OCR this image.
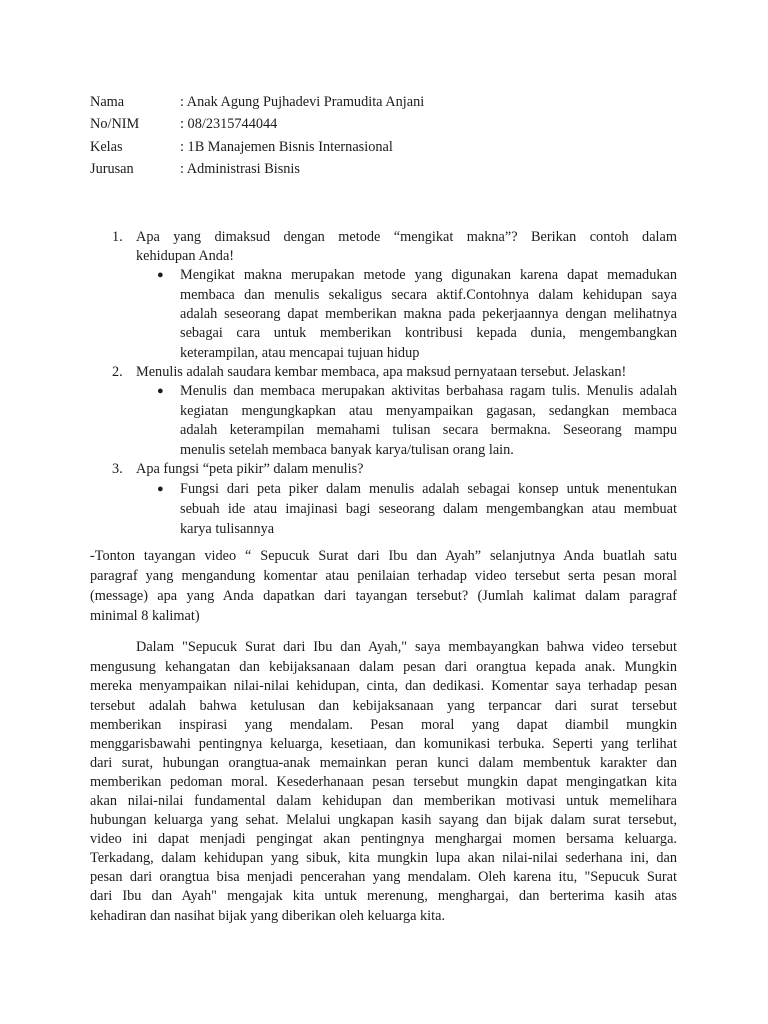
Nama	: Anak Agung Pujhadevi Pramudita Anjani
No/NIM	: 08/2315744044
Kelas	: 1B Manajemen Bisnis Internasional
Jurusan	: Administrasi Bisnis
1. Apa yang dimaksud dengan metode “mengikat makna”? Berikan contoh dalam
kehidupan Anda!
● Mengikat makna merupakan metode yang digunakan karena dapat memadukan
membaca dan menulis sekaligus secara aktif.Contohnya dalam kehidupan saya
adalah seseorang dapat memberikan makna pada pekerjaannya dengan melihatnya
sebagai cara untuk memberikan kontribusi kepada dunia, mengembangkan
keterampilan, atau mencapai tujuan hidup
2. Menulis adalah saudara kembar membaca, apa maksud pernyataan tersebut. Jelaskan!
● Menulis dan membaca merupakan aktivitas berbahasa ragam tulis. Menulis adalah
kegiatan mengungkapkan atau menyampaikan gagasan, sedangkan membaca
adalah keterampilan memahami tulisan secara bermakna. Seseorang mampu
menulis setelah membaca banyak karya/tulisan orang lain.
3. Apa fungsi “peta pikir” dalam menulis?
● Fungsi dari peta piker dalam menulis adalah sebagai konsep untuk menentukan
sebuah ide atau imajinasi bagi seseorang dalam mengembangkan atau membuat
karya tulisannya
-Tonton tayangan video “ Sepucuk Surat dari Ibu dan Ayah” selanjutnya Anda buatlah satu
paragraf yang mengandung komentar atau penilaian terhadap video tersebut serta pesan moral
(message) apa yang Anda dapatkan dari tayangan tersebut? (Jumlah kalimat dalam paragraf
minimal 8 kalimat)
Dalam "Sepucuk Surat dari Ibu dan Ayah," saya membayangkan bahwa video tersebut
mengusung kehangatan dan kebijaksanaan dalam pesan dari orangtua kepada anak. Mungkin
mereka menyampaikan nilai-nilai kehidupan, cinta, dan dedikasi. Komentar saya terhadap pesan
tersebut adalah bahwa ketulusan dan kebijaksanaan yang terpancar dari surat tersebut
memberikan inspirasi yang mendalam. Pesan moral yang dapat diambil mungkin
menggarisbawahi pentingnya keluarga, kesetiaan, dan komunikasi terbuka. Seperti yang terlihat
dari surat, hubungan orangtua-anak memainkan peran kunci dalam membentuk karakter dan
memberikan pedoman moral. Kesederhanaan pesan tersebut mungkin dapat mengingatkan kita
akan nilai-nilai fundamental dalam kehidupan dan memberikan motivasi untuk memelihara
hubungan keluarga yang sehat. Melalui ungkapan kasih sayang dan bijak dalam surat tersebut,
video ini dapat menjadi pengingat akan pentingnya menghargai momen bersama keluarga.
Terkadang, dalam kehidupan yang sibuk, kita mungkin lupa akan nilai-nilai sederhana ini, dan
pesan dari orangtua bisa menjadi pencerahan yang mendalam. Oleh karena itu, "Sepucuk Surat
dari Ibu dan Ayah" mengajak kita untuk merenung, menghargai, dan berterima kasih atas
kehadiran dan nasihat bijak yang diberikan oleh keluarga kita.
